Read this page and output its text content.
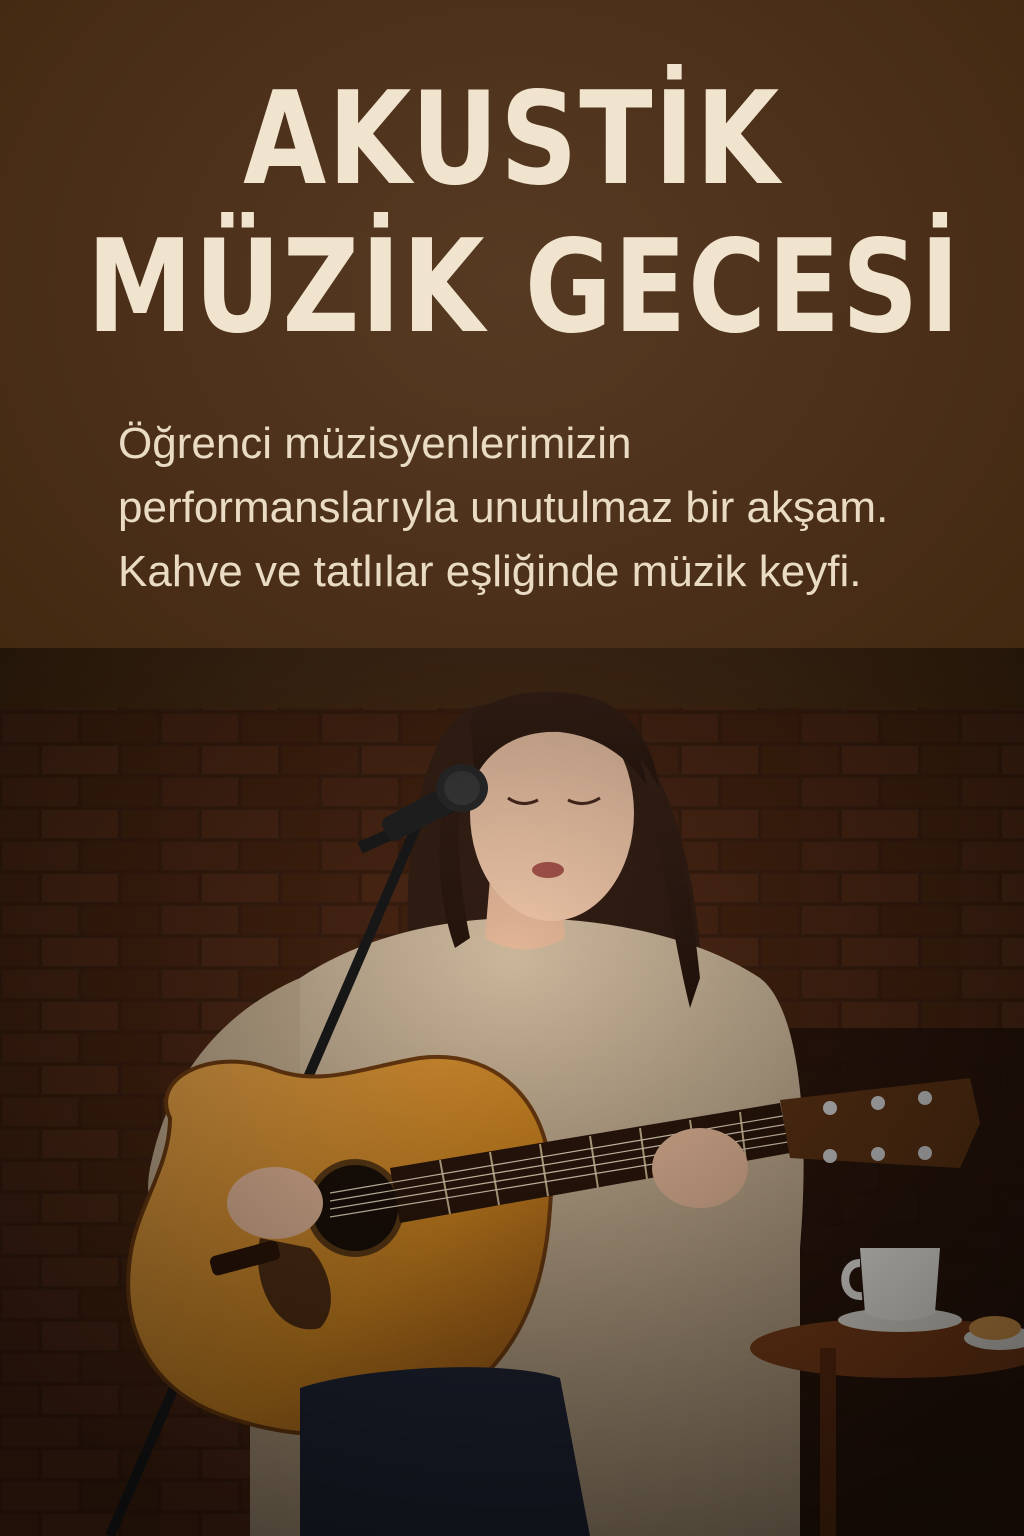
AKUSTİK
MÜZİK GECESİ

Öğrenci müzisyenlerimizin performanslarıyla unutulmaz bir akşam. Kahve ve tatlılar eşliğinde müzik keyfi.
